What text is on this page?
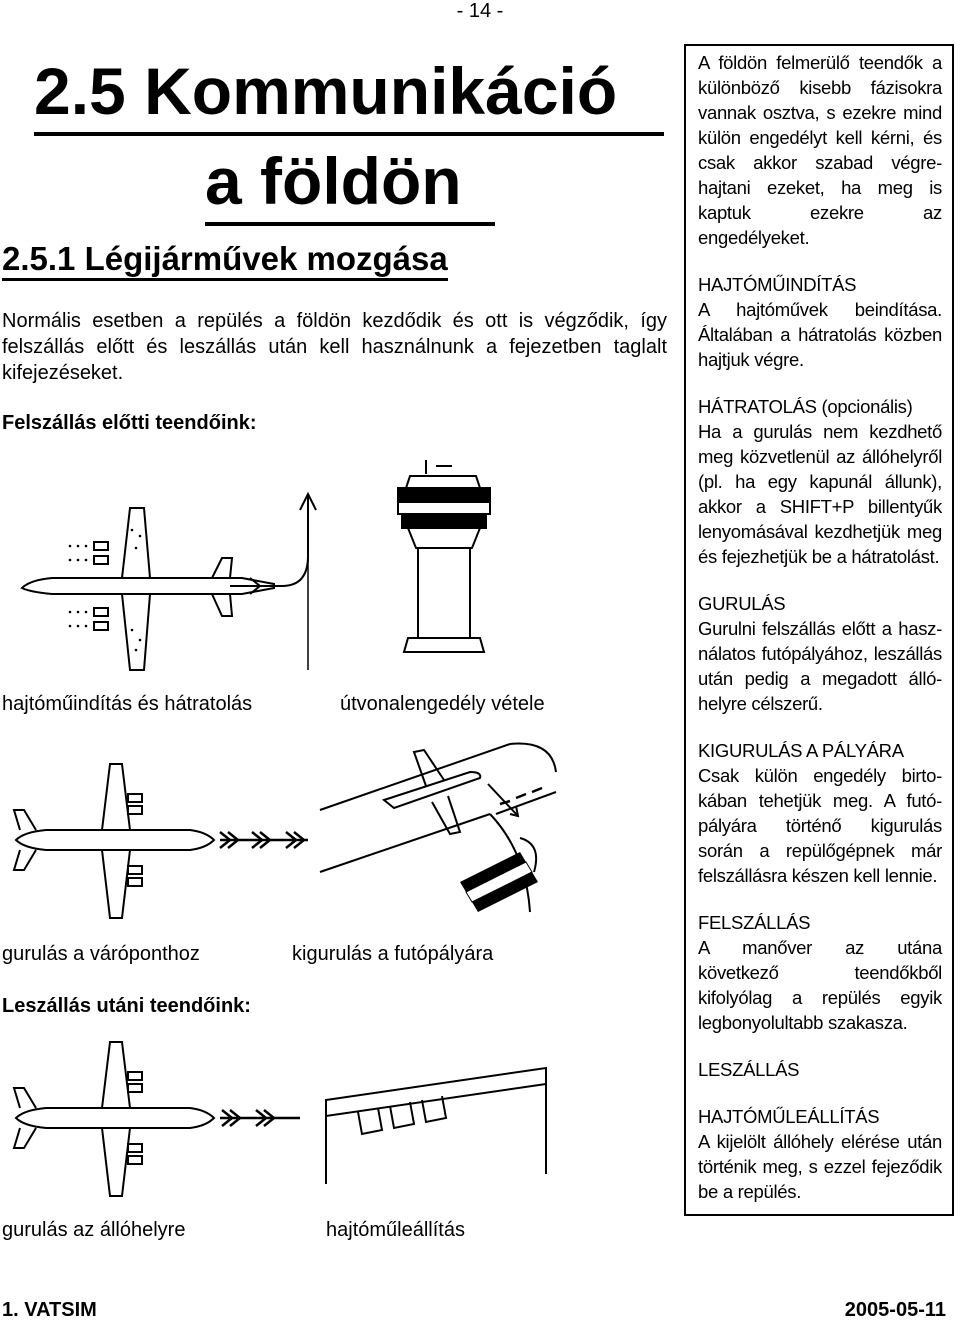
- 14 -
2.5 Kommunikáció
a földön
2.5.1 Légijárművek mozgása
Normális esetben a repülés a földön kezdődik és ott is végződik, így felszállás előtt és leszállás után kell használnunk a fejezetben taglalt kifejezéseket.
Felszállás előtti teendőink:
hajtóműindítás és hátratolás	útvonalengedély vétele
gurulás a váróponthoz	kigurulás a futópályára
Leszállás utáni teendőink:
gurulás az állóhelyre	hajtóműleállítás

A földön felmerülő teendők a különböző kisebb fázisokra vannak osztva, s ezekre mind külön engedélyt kell kérni, és csak akkor szabad végre-hajtani ezeket, ha meg is kaptuk ezekre az engedélyeket.

HAJTÓMŰINDÍTÁS
A hajtóművek beindítása. Általában a hátratolás közben hajtjuk végre.

HÁTRATOLÁS (opcionális)
Ha a gurulás nem kezdhető meg közvetlenül az állóhelyről (pl. ha egy kapunál állunk), akkor a SHIFT+P billentyűk lenyomásával kezdhetjük meg és fejezhetjük be a hátratolást.

GURULÁS
Gurulni felszállás előtt a hasz-nálatos futópályához, leszállás után pedig a megadott álló-helyre célszerű.

KIGURULÁS A PÁLYÁRA
Csak külön engedély birto-kában tehetjük meg. A futó-pályára történő kigurulás során a repülőgépnek már felszállásra készen kell lennie.

FELSZÁLLÁS
A manőver az utána következő teendőkből kifolyólag a repülés egyik legbonyolultabb szakasza.

LESZÁLLÁS

HAJTÓMŰLEÁLLÍTÁS
A kijelölt állóhely elérése után történik meg, s ezzel fejeződik be a repülés.

1. VATSIM	2005-05-11
